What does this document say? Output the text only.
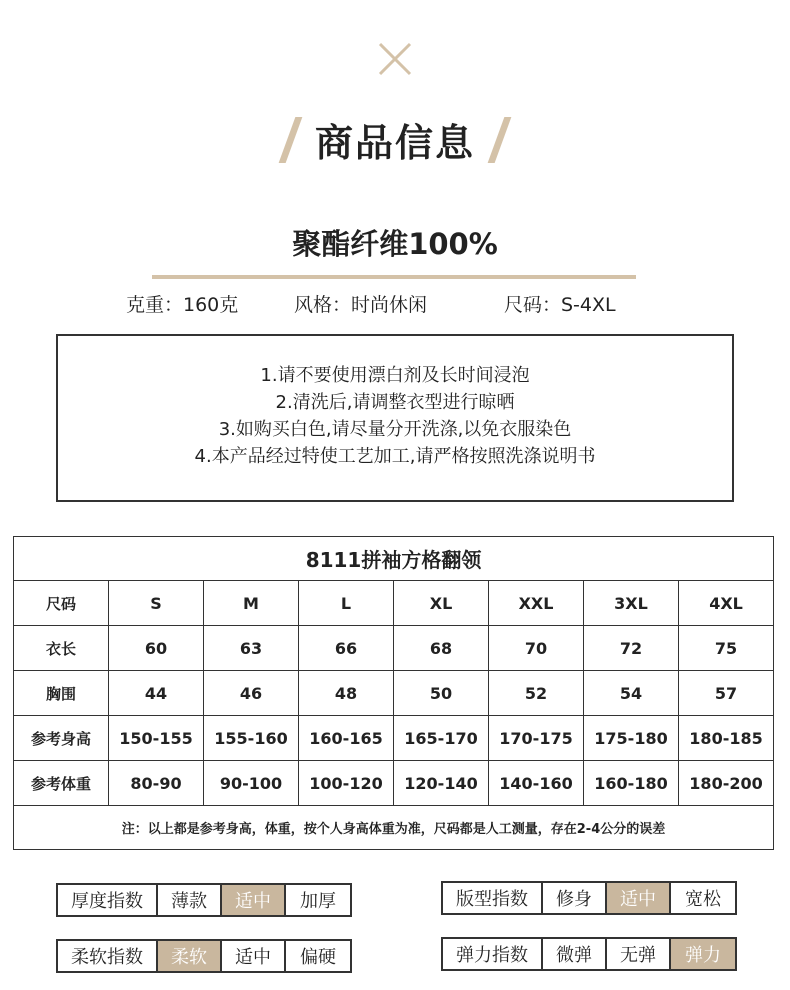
商品信息
聚酯纤维100%
克重：160克	风格：时尚休闲	尺码：S-4XL
1.请不要使用漂白剂及长时间浸泡
2.清洗后,请调整衣型进行晾晒
3.如购买白色,请尽量分开洗涤,以免衣服染色
4.本产品经过特使工艺加工,请严格按照洗涤说明书
8111拼袖方格翻领							
尺码	S	M	L	XL	XXL	3XL	4XL
衣长	60	63	66	68	70	72	75
胸围	44	46	48	50	52	54	57
参考身高	150-155	155-160	160-165	165-170	170-175	175-180	180-185
参考体重	80-90	90-100	100-120	120-140	140-160	160-180	180-200
注：以上都是参考身高，体重，按个人身高体重为准，尺码都是人工测量，存在2-4公分的误差							
厚度指数	薄款	适中	加厚	版型指数	修身	适中	宽松
柔软指数	柔软	适中	偏硬	弹力指数	微弹	无弹	弹力
